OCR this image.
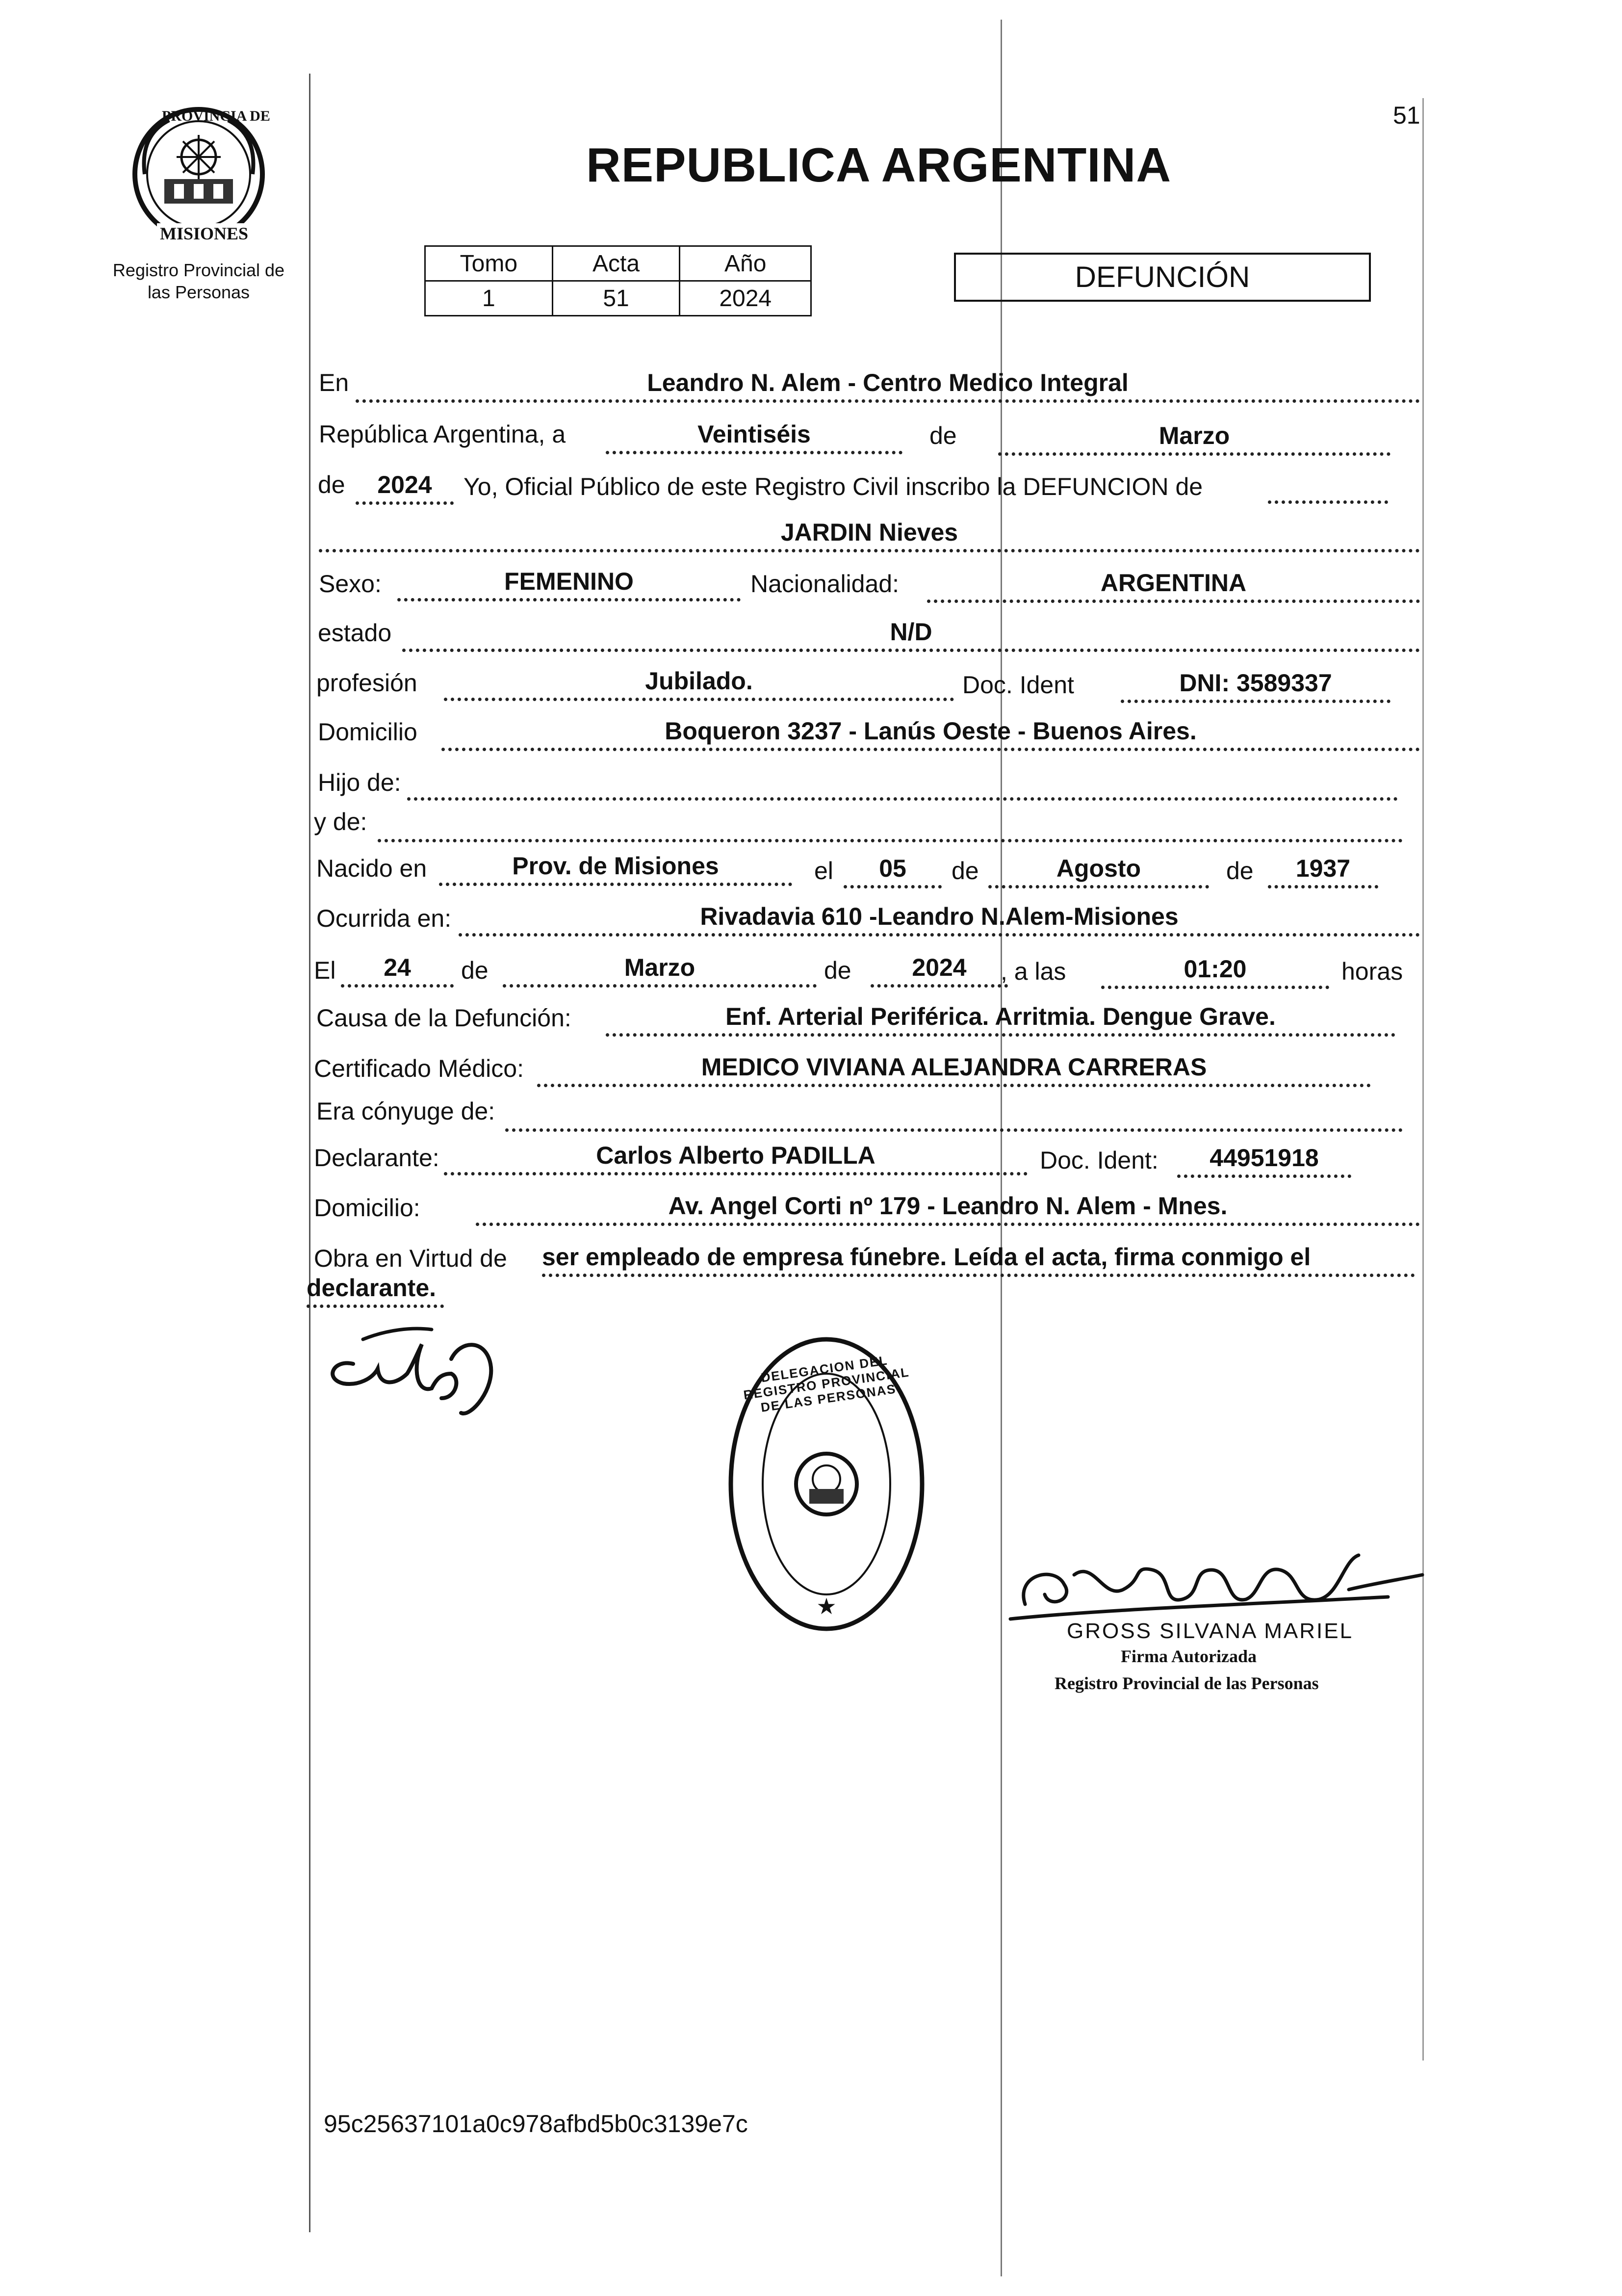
51
PROVINCIA DE
MISIONES
Registro Provincial de
las Personas
REPUBLICA ARGENTINA
Tomo	Acta	Año
1	51	2024
DEFUNCIÓN
En	Leandro N. Alem - Centro Medico Integral
República Argentina, a	Veintiséis	de	Marzo
de	2024	Yo, Oficial Público de este Registro Civil inscribo la DEFUNCION de
JARDIN Nieves
Sexo:	FEMENINO	Nacionalidad:	ARGENTINA
estado	N/D
profesión	Jubilado.	Doc. Ident	DNI: 3589337
Domicilio	Boqueron 3237 - Lanús Oeste - Buenos Aires.
Hijo de:
y de:
Nacido en	Prov. de Misiones	el	05	de	Agosto	de	1937
Ocurrida en:	Rivadavia 610 -Leandro N.Alem-Misiones
El	24	de	Marzo	de	2024	, a las	01:20	horas
Causa de la Defunción:	Enf. Arterial Periférica. Arritmia. Dengue Grave.
Certificado Médico:	MEDICO VIVIANA ALEJANDRA CARRERAS
Era cónyuge de:
Declarante:	Carlos Alberto PADILLA	Doc. Ident:	44951918
Domicilio:	Av. Angel Corti nº 179 - Leandro N. Alem - Mnes.
Obra en Virtud de ser empleado de empresa fúnebre. Leída el acta, firma conmigo el
declarante.
★
DELEGACION DEL REGISTRO PROVINCIAL DE LAS PERSONAS
GROSS SILVANA MARIEL
Firma Autorizada
Registro Provincial de las Personas
95c25637101a0c978afbd5b0c3139e7c
